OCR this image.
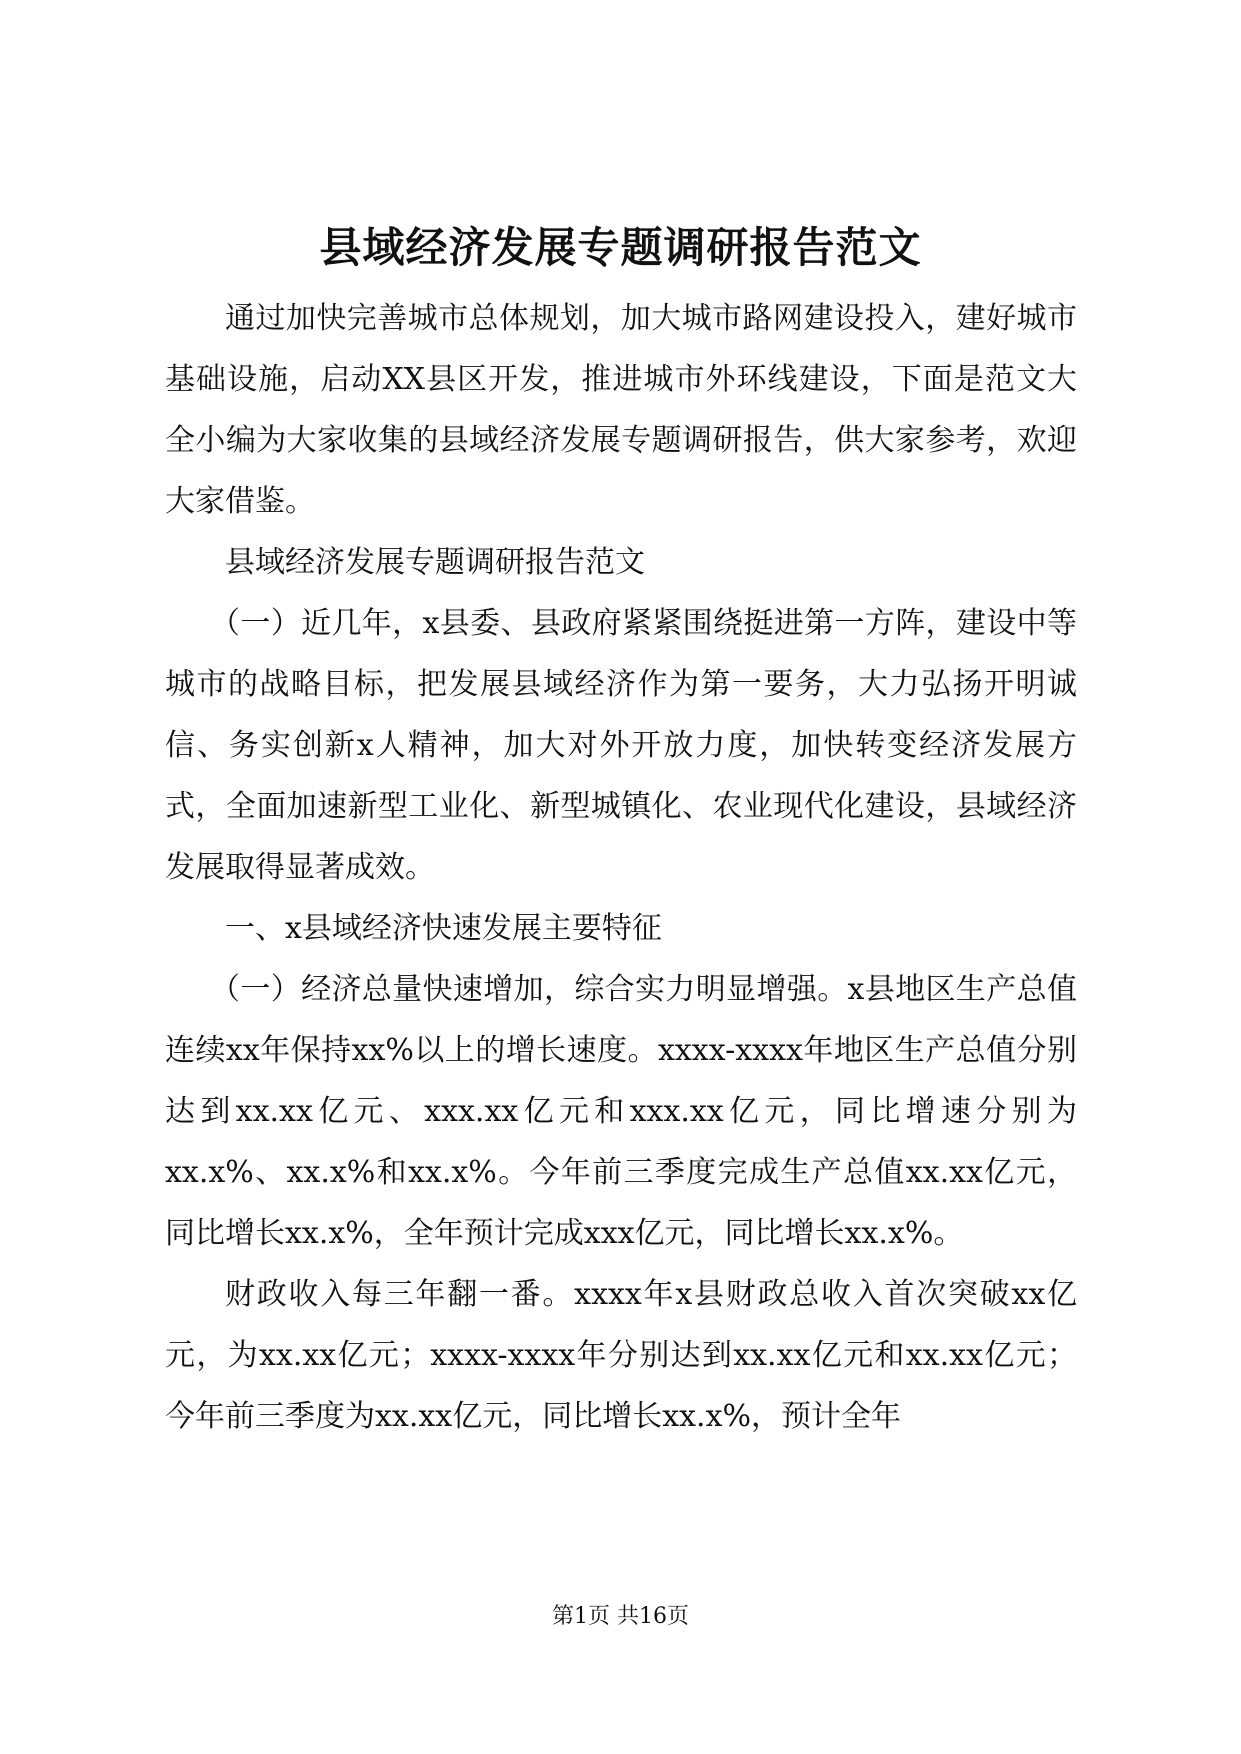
县域经济发展专题调研报告范文

通过加快完善城市总体规划，加大城市路网建设投入，建好城市基础设施，启动XX县区开发，推进城市外环线建设，下面是范文大全小编为大家收集的县域经济发展专题调研报告，供大家参考，欢迎大家借鉴。

县域经济发展专题调研报告范文

（一）近几年，x县委、县政府紧紧围绕挺进第一方阵，建设中等城市的战略目标，把发展县域经济作为第一要务，大力弘扬开明诚信、务实创新x人精神，加大对外开放力度，加快转变经济发展方式，全面加速新型工业化、新型城镇化、农业现代化建设，县域经济发展取得显著成效。

一、x县域经济快速发展主要特征

（一）经济总量快速增加，综合实力明显增强。x县地区生产总值连续xx年保持xx%以上的增长速度。xxxx-xxxx年地区生产总值分别达到xx.xx亿元、xxx.xx亿元和xxx.xx亿元，同比增速分别为xx.x%、xx.x%和xx.x%。今年前三季度完成生产总值xx.xx亿元，同比增长xx.x%，全年预计完成xxx亿元，同比增长xx.x%。

财政收入每三年翻一番。xxxx年x县财政总收入首次突破xx亿元，为xx.xx亿元；xxxx-xxxx年分别达到xx.xx亿元和xx.xx亿元；今年前三季度为xx.xx亿元，同比增长xx.x%，预计全年

第1页 共16页
